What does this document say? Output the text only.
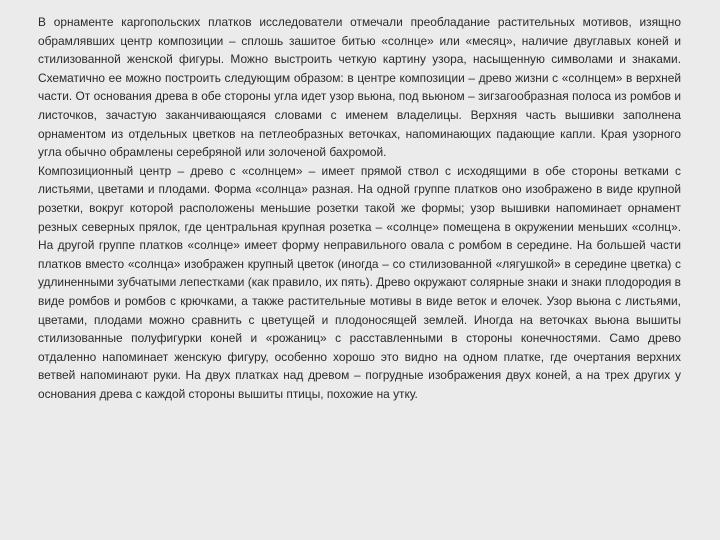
В орнаменте каргопольских платков исследователи отмечали преобладание растительных мотивов, изящно обрамлявших центр композиции – сплошь зашитое битью «солнце» или «месяц», наличие двуглавых коней и стилизованной женской фигуры. Можно выстроить четкую картину узора, насыщенную символами и знаками. Схематично ее можно построить следующим образом: в центре композиции – древо жизни с «солнцем» в верхней части. От основания древа в обе стороны угла идет узор вьюна, под вьюном – зигзагообразная полоса из ромбов и листочков, зачастую заканчивающаяся словами с именем владелицы. Верхняя часть вышивки заполнена орнаментом из отдельных цветков на петлеобразных веточках, напоминающих падающие капли. Края узорного угла обычно обрамлены серебряной или золоченой бахромой.

Композиционный центр – древо с «солнцем» – имеет прямой ствол с исходящими в обе стороны ветками с листьями, цветами и плодами. Форма «солнца» разная. На одной группе платков оно изображено в виде крупной розетки, вокруг которой расположены меньшие розетки такой же формы; узор вышивки напоминает орнамент резных северных прялок, где центральная крупная розетка – «солнце» помещена в окружении меньших «солнц». На другой группе платков «солнце» имеет форму неправильного овала с ромбом в середине. На большей части платков вместо «солнца» изображен крупный цветок (иногда – со стилизованной «лягушкой» в середине цветка) с удлиненными зубчатыми лепестками (как правило, их пять). Древо окружают солярные знаки и знаки плодородия в виде ромбов и ромбов с крючками, а также растительные мотивы в виде веток и елочек. Узор вьюна с листьями, цветами, плодами можно сравнить с цветущей и плодоносящей землей. Иногда на веточках вьюна вышиты стилизованные полуфигурки коней и «рожаниц» с расставленными в стороны конечностями. Само древо отдаленно напоминает женскую фигуру, особенно хорошо это видно на одном платке, где очертания верхних ветвей напоминают руки. На двух платках над древом – погрудные изображения двух коней, а на трех других у основания древа с каждой стороны вышиты птицы, похожие на утку.
